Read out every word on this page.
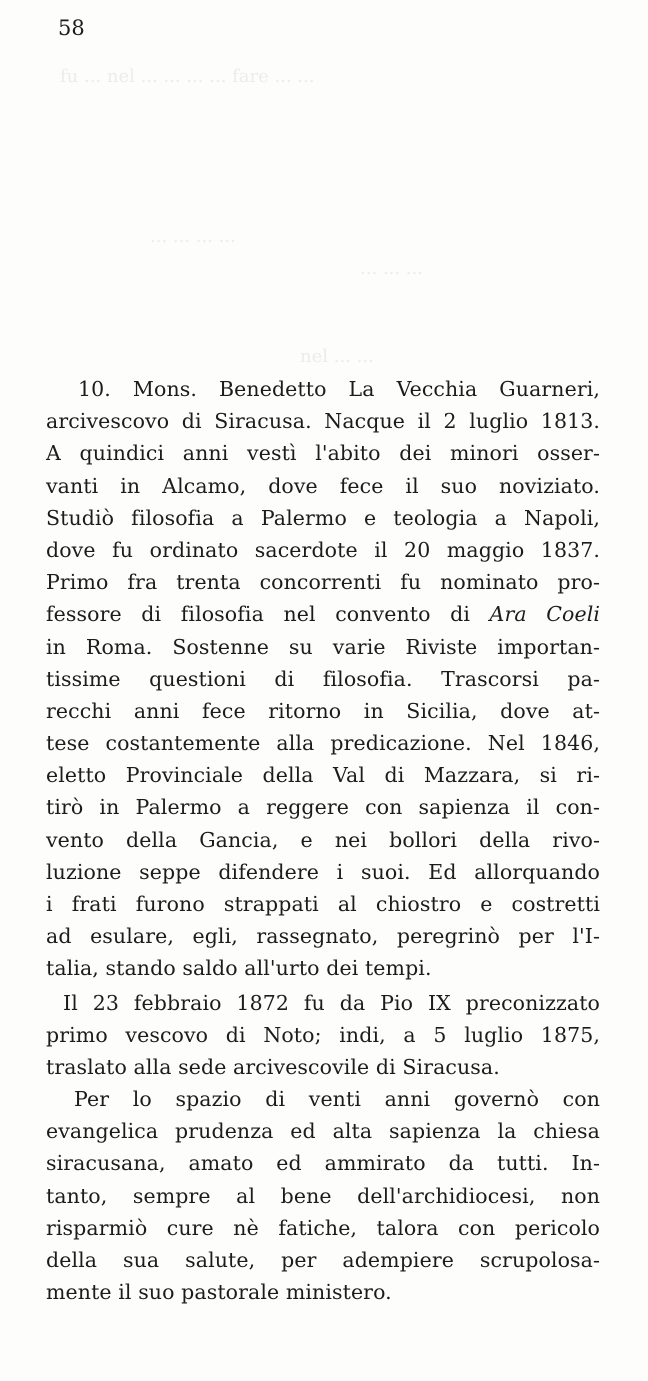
58
fu ... nel ... ... ... ... fare ... ...
... ... ... ...
... ... ...
nel ... ...
10. Mons. Benedetto La Vecchia Guarneri,
arcivescovo di Siracusa. Nacque il 2 luglio 1813.
A quindici anni vestì l'abito dei minori osser-
vanti in Alcamo, dove fece il suo noviziato.
Studiò filosofia a Palermo e teologia a Napoli,
dove fu ordinato sacerdote il 20 maggio 1837.
Primo fra trenta concorrenti fu nominato pro-
fessore di filosofia nel convento di Ara Coeli
in Roma. Sostenne su varie Riviste importan-
tissime questioni di filosofia. Trascorsi pa-
recchi anni fece ritorno in Sicilia, dove at-
tese costantemente alla predicazione. Nel 1846,
eletto Provinciale della Val di Mazzara, si ri-
tirò in Palermo a reggere con sapienza il con-
vento della Gancia, e nei bollori della rivo-
luzione seppe difendere i suoi. Ed allorquando
i frati furono strappati al chiostro e costretti
ad esulare, egli, rassegnato, peregrinò per l'I-
talia, stando saldo all'urto dei tempi.
Il 23 febbraio 1872 fu da Pio IX preconizzato
primo vescovo di Noto; indi, a 5 luglio 1875,
traslato alla sede arcivescovile di Siracusa.
Per lo spazio di venti anni governò con
evangelica prudenza ed alta sapienza la chiesa
siracusana, amato ed ammirato da tutti. In-
tanto, sempre al bene dell'archidiocesi, non
risparmiò cure nè fatiche, talora con pericolo
della sua salute, per adempiere scrupolosa-
mente il suo pastorale ministero.
